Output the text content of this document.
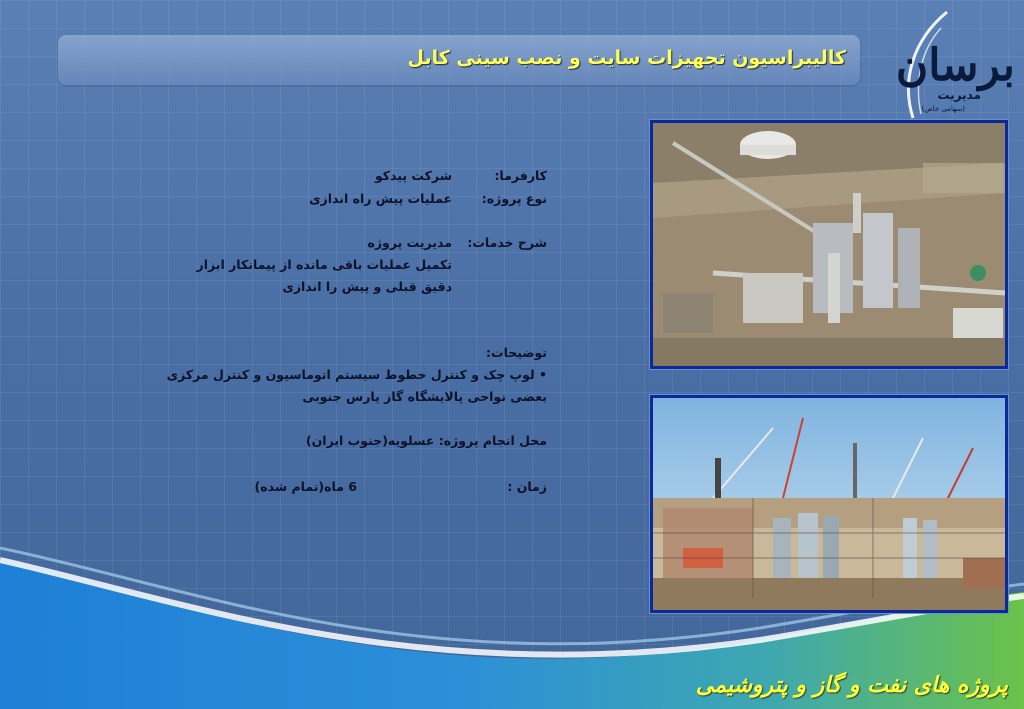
کالیبراسیون تجهیزات سایت و نصب سینی کابل برسان
مدیریت
(سهامی خاص)
کارفرما:
شرکت پیدکو
نوع پروژه:
عملیات پیش راه اندازی
شرح خدمات:
مدیریت پروژه
تکمیل عملیات باقی مانده از پیمانکار ابزار
دقیق قبلی و پیش را اندازی
توضیحات:
• لوپ چک و کنترل خطوط سیستم اتوماسیون و کنترل مرکزی
بعضی نواحی پالایشگاه گاز پارس جنوبی
محل انجام پروژه: عسلویه(جنوب ایران)
زمان :
6 ماه(تمام شده)
پروژه های نفت و گاز و پتروشیمی
